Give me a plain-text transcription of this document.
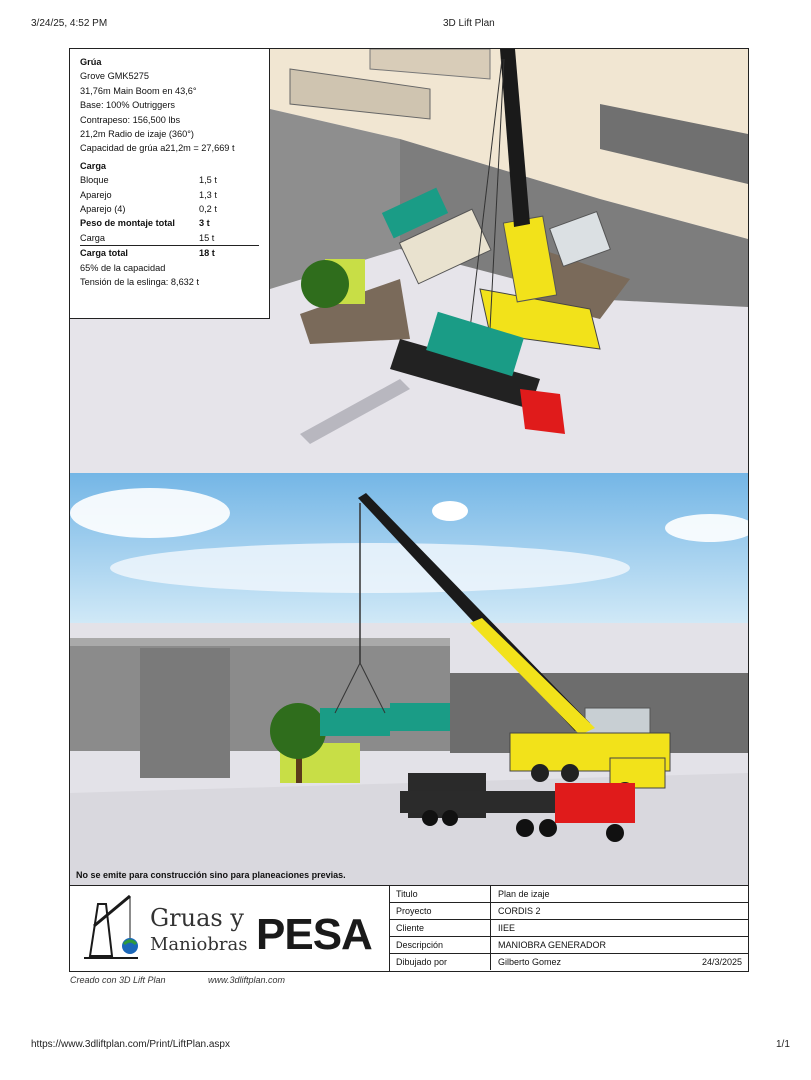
3/24/25, 4:52 PM	3D Lift Plan
Grúa
Grove GMK5275
31,76m Main Boom en 43,6°
Base: 100% Outriggers
Contrapeso: 156,500 lbs
21,2m Radio de izaje (360°)
Capacidad de grúa a21,2m = 27,669 t
Carga
Bloque	1,5 t
Aparejo	1,3 t
Aparejo (4)	0,2 t
Peso de montaje total	3 t
Carga	15 t
Carga total	18 t
65% de la capacidad
Tensión de la eslinga: 8,632 t
No se emite para construcción sino para planeaciones previas.
Gruas y
Maniobras PESA
Titulo	Plan de izaje
Proyecto	CORDIS 2
Cliente	IIEE
Descripción	MANIOBRA GENERADOR
Dibujado por	Gilberto Gomez	24/3/2025
Creado con 3D Lift Plan	www.3dliftplan.com
https://www.3dliftplan.com/Print/LiftPlan.aspx	1/1
